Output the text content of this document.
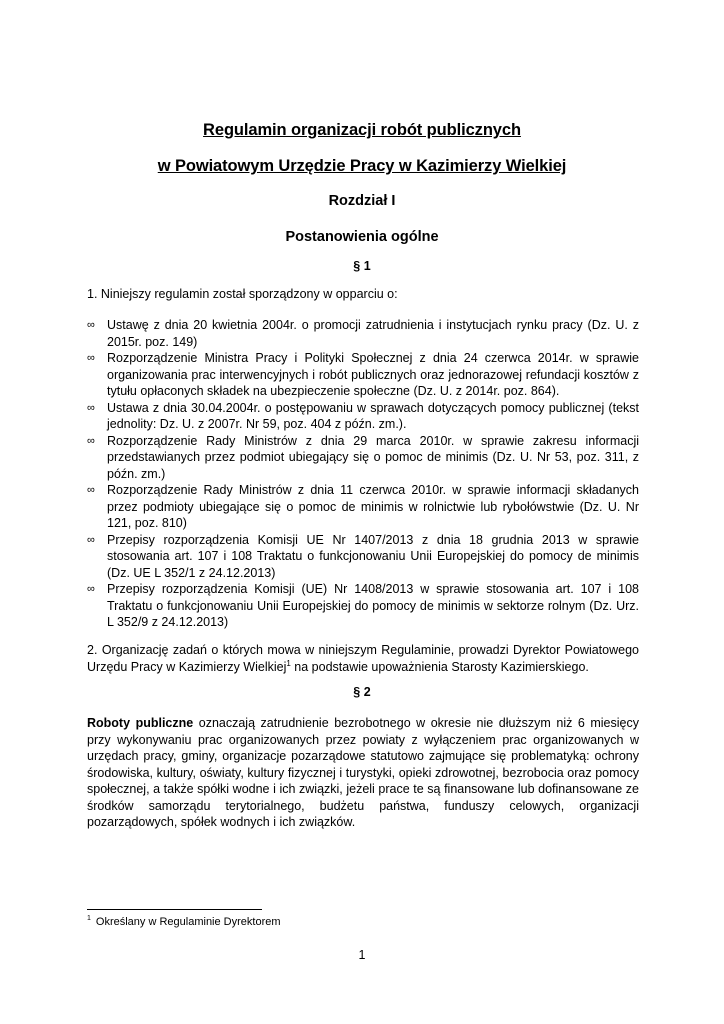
Regulamin organizacji robót publicznych
w Powiatowym Urzędzie Pracy w Kazimierzy Wielkiej
Rozdział I
Postanowienia ogólne
§ 1
1. Niniejszy regulamin został sporządzony w opparciu o:
∞ Ustawę z dnia 20 kwietnia 2004r. o promocji zatrudnienia i instytucjach rynku pracy (Dz. U. z 2015r. poz. 149)
∞ Rozporządzenie Ministra Pracy i Polityki Społecznej z dnia 24 czerwca 2014r. w sprawie organizowania prac interwencyjnych i robót publicznych oraz jednorazowej refundacji kosztów z tytułu opłaconych składek na ubezpieczenie społeczne (Dz. U. z 2014r. poz. 864).
∞ Ustawa z dnia 30.04.2004r. o postępowaniu w sprawach dotyczących pomocy publicznej (tekst jednolity: Dz. U. z 2007r. Nr 59, poz. 404 z późn. zm.).
∞ Rozporządzenie Rady Ministrów z dnia 29 marca 2010r. w sprawie zakresu informacji przedstawianych przez podmiot ubiegający się o pomoc de minimis (Dz. U. Nr 53, poz. 311, z późn. zm.)
∞ Rozporządzenie Rady Ministrów z dnia 11 czerwca 2010r. w sprawie informacji składanych przez podmioty ubiegające się o pomoc de minimis w rolnictwie lub rybołówstwie (Dz. U. Nr 121, poz. 810)
∞ Przepisy rozporządzenia Komisji UE Nr 1407/2013 z dnia 18 grudnia 2013 w sprawie stosowania art. 107 i 108 Traktatu o funkcjonowaniu Unii Europejskiej do pomocy de minimis (Dz. UE L 352/1 z 24.12.2013)
∞ Przepisy rozporządzenia Komisji (UE) Nr 1408/2013 w sprawie stosowania art. 107 i 108 Traktatu o funkcjonowaniu Unii Europejskiej do pomocy de minimis w sektorze rolnym (Dz. Urz. L 352/9 z 24.12.2013)
2. Organizację zadań o których mowa w niniejszym Regulaminie, prowadzi Dyrektor Powiatowego Urzędu Pracy w Kazimierzy Wielkiej$^1$ na podstawie upoważnienia Starosty Kazimierskiego.
§ 2
Roboty publiczne oznaczają zatrudnienie bezrobotnego w okresie nie dłuższym niż 6 miesięcy przy wykonywaniu prac organizowanych przez powiaty z wyłączeniem prac organizowanych w urzędach pracy, gminy, organizacje pozarządowe statutowo zajmujące się problematyką: ochrony środowiska, kultury, oświaty, kultury fizycznej i turystyki, opieki zdrowotnej, bezrobocia oraz pomocy społecznej, a także spółki wodne i ich związki, jeżeli prace te są finansowane lub dofinansowane ze środków samorządu terytorialnego, budżetu państwa, funduszy celowych, organizacji pozarządowych, spółek wodnych i ich związków.
$^1$ Określany w Regulaminie Dyrektorem
1
